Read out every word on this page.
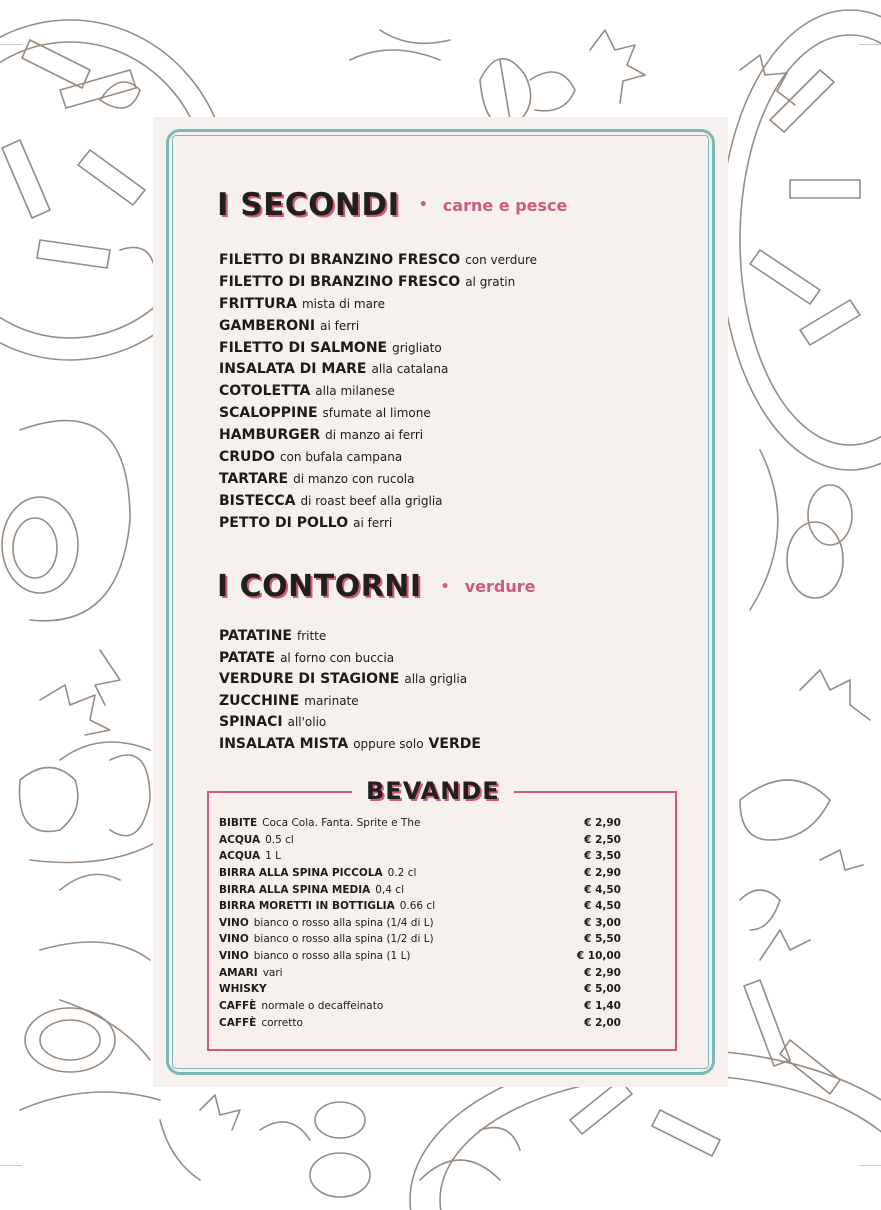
I SECONDI • carne e pesce
FILETTO DI BRANZINO FRESCO con verdure
FILETTO DI BRANZINO FRESCO al gratin
FRITTURA mista di mare
GAMBERONI ai ferri
FILETTO DI SALMONE grigliato
INSALATA DI MARE alla catalana
COTOLETTA alla milanese
SCALOPPINE sfumate al limone
HAMBURGER di manzo ai ferri
CRUDO con bufala campana
TARTARE di manzo con rucola
BISTECCA di roast beef alla griglia
PETTO DI POLLO ai ferri
I CONTORNI • verdure
PATATINE fritte
PATATE al forno con buccia
VERDURE DI STAGIONE alla griglia
ZUCCHINE marinate
SPINACI all'olio
INSALATA MISTA oppure solo VERDE
BEVANDE
BIBITE Coca Cola. Fanta. Sprite e The	€ 2,90
ACQUA 0.5 cl	€ 2,50
ACQUA 1 L	€ 3,50
BIRRA ALLA SPINA PICCOLA 0.2 cl	€ 2,90
BIRRA ALLA SPINA MEDIA 0,4 cl	€ 4,50
BIRRA MORETTI IN BOTTIGLIA 0.66 cl	€ 4,50
VINO bianco o rosso alla spina (1/4 di L)	€ 3,00
VINO bianco o rosso alla spina (1/2 di L)	€ 5,50
VINO bianco o rosso alla spina (1 L)	€ 10,00
AMARI vari	€ 2,90
WHISKY	€ 5,00
CAFFÈ normale o decaffeinato	€ 1,40
CAFFÈ corretto	€ 2,00
